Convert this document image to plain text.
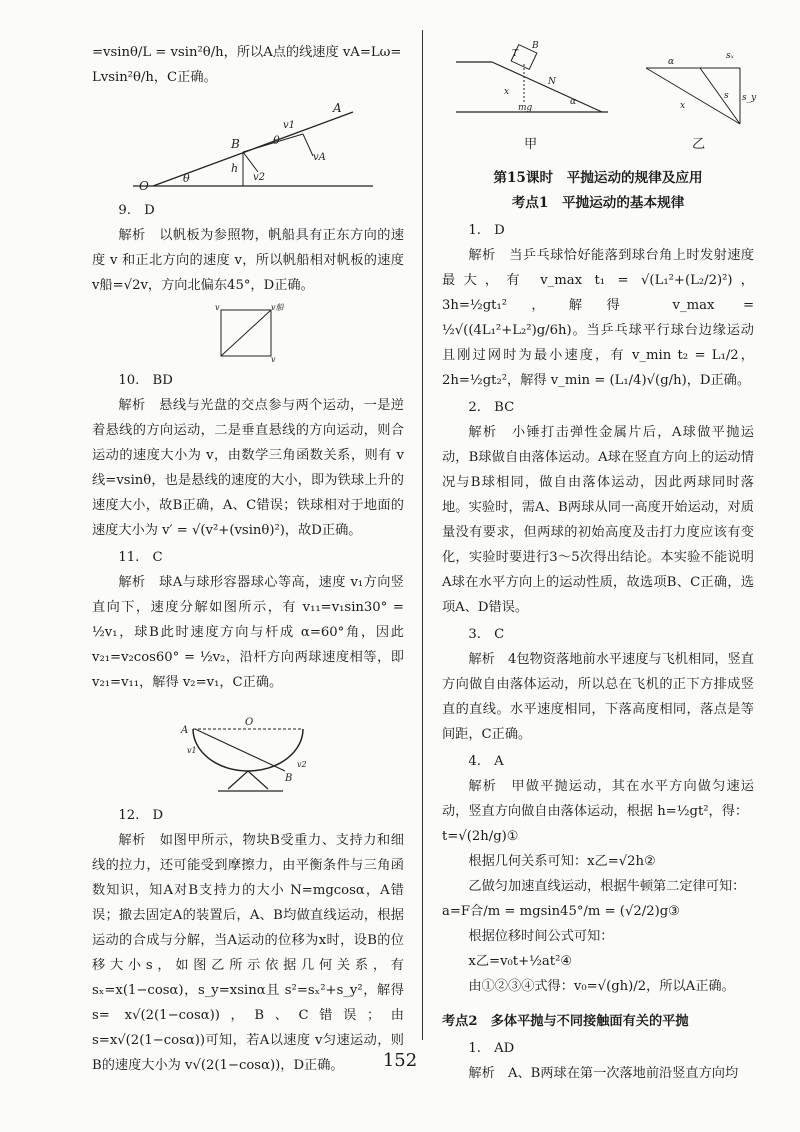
=vsinθ/L = vsin²θ/h，所以A点的线速度 vA=Lω=

Lvsin²θ/h，C正确。

O
B
A
h
θ
θ
vA
v2
v1

9.　D

解析　以帆板为参照物，帆船具有正东方向的速度 v 和正北方向的速度 v，所以帆船相对帆板的速度 v船=√2v，方向北偏东45°，D正确。

v	v船
v

10.　BD

解析　悬线与光盘的交点参与两个运动，一是逆着悬线的方向运动，二是垂直悬线的方向运动，则合运动的速度大小为 v，由数学三角函数关系，则有 v线=vsinθ，也是悬线的速度的大小，即为铁球上升的速度大小，故B正确，A、C错误；铁球相对于地面的速度大小为 v′ = √(v²+(vsinθ)²)，故D正确。

11.　C

解析　球A与球形容器球心等高，速度 v₁方向竖直向下，速度分解如图所示，有 v₁₁=v₁sin30° = ½v₁，球B此时速度方向与杆成 α=60°角，因此 v₂₁=v₂cos60° = ½v₂，沿杆方向两球速度相等，即 v₂₁=v₁₁，解得 v₂=v₁，C正确。

A
O
B
v1
v2

12.　D

解析　如图甲所示，物块B受重力、支持力和细线的拉力，还可能受到摩擦力，由平衡条件与三角函数知识，知A对B支持力的大小 N=mgcosα，A错误；撤去固定A的装置后，A、B均做直线运动，根据运动的合成与分解，当A运动的位移为x时，设B的位移大小s，如图乙所示依据几何关系，有 sₓ=x(1−cosα)，s_y=xsinα且 s²=sₓ²+s_y²，解得 s= x√(2(1−cosα))，B、C错误；由 s=x√(2(1−cosα))可知，若A以速度 v匀速运动，则B的速度大小为 v√(2(1−cosα))，D正确。

T
B
N
mg
x
α
α
x
s
sₓ
s_y
甲	乙

第15课时　平抛运动的规律及应用

考点1　平抛运动的基本规律

1.　D

解析　当乒乓球恰好能落到球台角上时发射速度最大，有 v_max t₁ = √(L₁²+(L₂/2)²)，3h=½gt₁²，解得 v_max = ½√((4L₁²+L₂²)g/6h)。当乒乓球平行球台边缘运动且刚过网时为最小速度，有 v_min t₂ = L₁/2，2h=½gt₂²，解得 v_min = (L₁/4)√(g/h)，D正确。

2.　BC

解析　小锤打击弹性金属片后，A球做平抛运动，B球做自由落体运动。A球在竖直方向上的运动情况与B球相同，做自由落体运动，因此两球同时落地。实验时，需A、B两球从同一高度开始运动，对质量没有要求，但两球的初始高度及击打力度应该有变化，实验时要进行3～5次得出结论。本实验不能说明A球在水平方向上的运动性质，故选项B、C正确，选项A、D错误。

3.　C

解析　4包物资落地前水平速度与飞机相同，竖直方向做自由落体运动，所以总在飞机的正下方排成竖直的直线。水平速度相同，下落高度相同，落点是等间距，C正确。

4.　A

解析　甲做平抛运动，其在水平方向做匀速运动，竖直方向做自由落体运动，根据 h=½gt²，得：

t=√(2h/g)①

根据几何关系可知：x乙=√2h②

乙做匀加速直线运动，根据牛顿第二定律可知：

a=F合/m = mgsin45°/m = (√2/2)g③

根据位移时间公式可知：

x乙=v₀t+½at²④

由①②③④式得：v₀=√(gh)/2，所以A正确。

考点2　多体平抛与不同接触面有关的平抛

1.　AD

解析　A、B两球在第一次落地前沿竖直方向均

152
